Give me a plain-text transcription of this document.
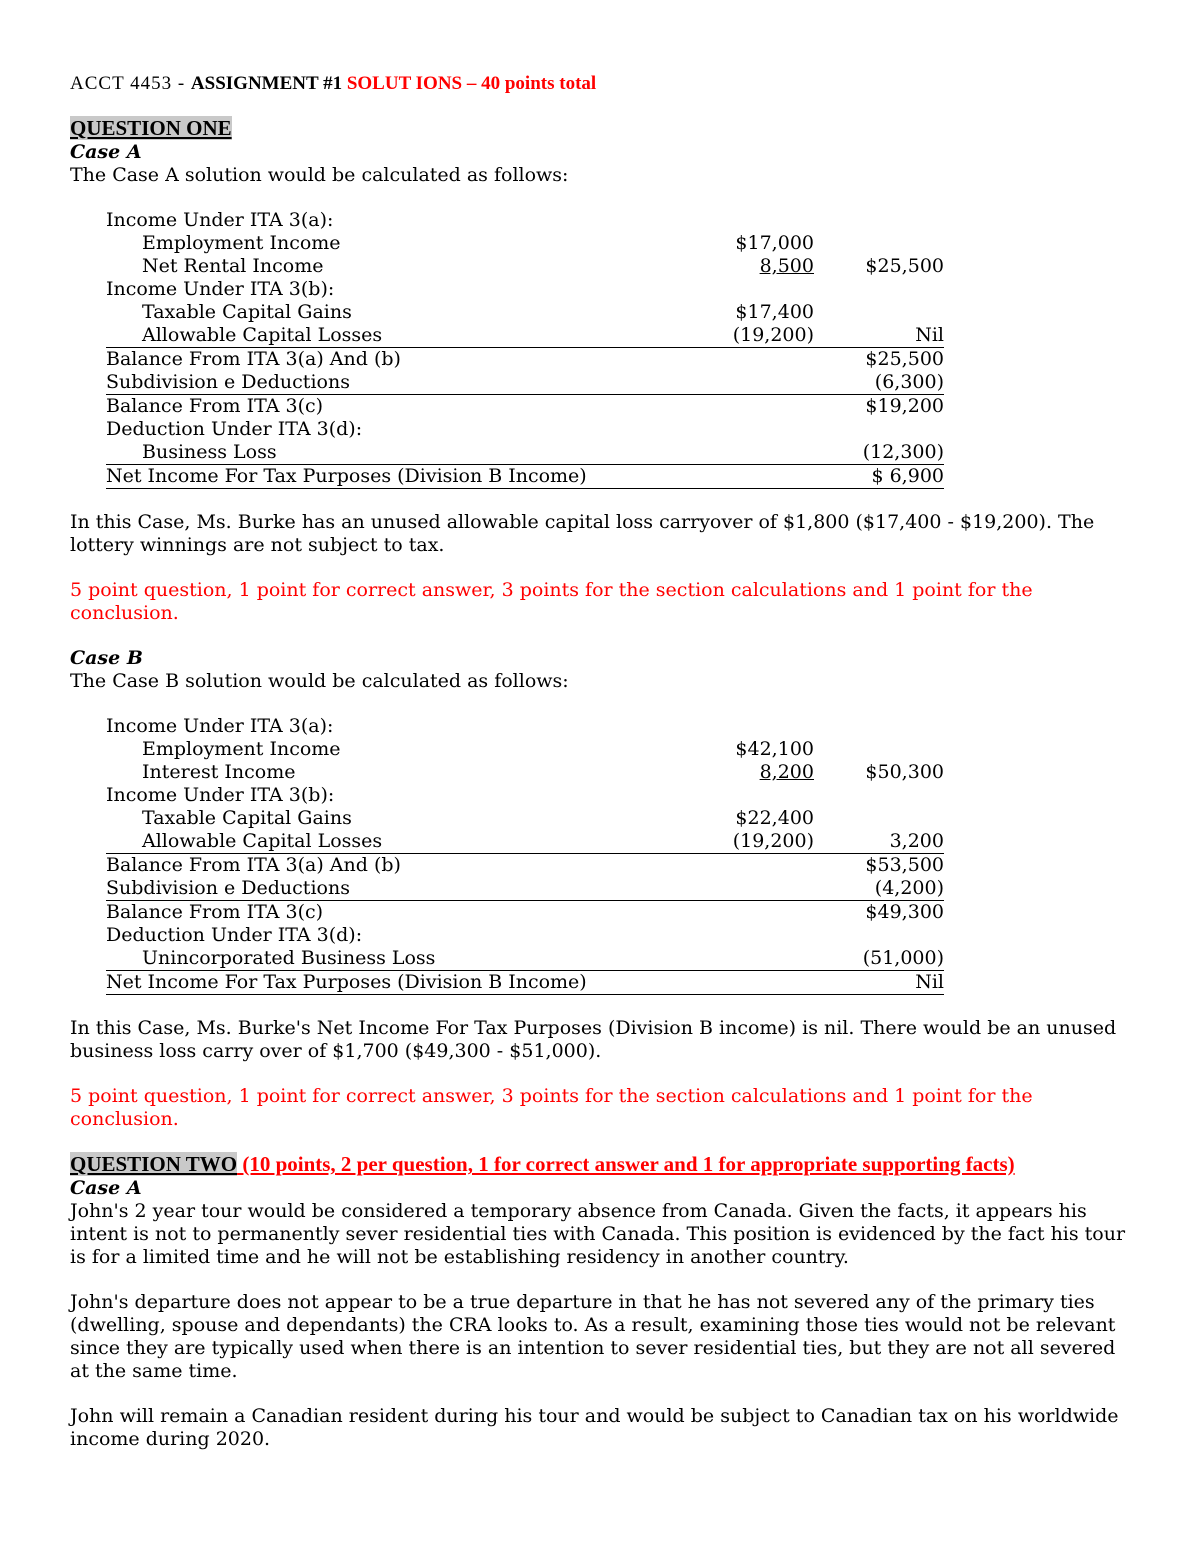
ACCT 4453 - ASSIGNMENT #1 SOLUT IONS – 40 points total

QUESTION ONE
Case A

The Case A solution would be calculated as follows:

Income Under ITA 3(a):		
Employment Income	$17,000	
Net Rental Income	8,500	$25,500
Income Under ITA 3(b):		
Taxable Capital Gains	$17,400	
Allowable Capital Losses	(19,200)	Nil
Balance From ITA 3(a) And (b)		$25,500
Subdivision e Deductions		(6,300)
Balance From ITA 3(c)		$19,200
Deduction Under ITA 3(d):		
Business Loss		(12,300)
Net Income For Tax Purposes (Division B Income)		$ 6,900

In this Case, Ms. Burke has an unused allowable capital loss carryover of $1,800 ($17,400 - $19,200). The lottery winnings are not subject to tax.

5 point question, 1 point for correct answer, 3 points for the section calculations and 1 point for the conclusion.

Case B

The Case B solution would be calculated as follows:

Income Under ITA 3(a):		
Employment Income	$42,100	
Interest Income	8,200	$50,300
Income Under ITA 3(b):		
Taxable Capital Gains	$22,400	
Allowable Capital Losses	(19,200)	3,200
Balance From ITA 3(a) And (b)		$53,500
Subdivision e Deductions		(4,200)
Balance From ITA 3(c)		$49,300
Deduction Under ITA 3(d):		
Unincorporated Business Loss		(51,000)
Net Income For Tax Purposes (Division B Income)		Nil

In this Case, Ms. Burke's Net Income For Tax Purposes (Division B income) is nil. There would be an unused business loss carry over of $1,700 ($49,300 - $51,000).

5 point question, 1 point for correct answer, 3 points for the section calculations and 1 point for the conclusion.

QUESTION TWO (10 points, 2 per question, 1 for correct answer and 1 for appropriate supporting facts)

Case A

John's 2 year tour would be considered a temporary absence from Canada. Given the facts, it appears his intent is not to permanently sever residential ties with Canada. This position is evidenced by the fact his tour is for a limited time and he will not be establishing residency in another country.

John's departure does not appear to be a true departure in that he has not severed any of the primary ties (dwelling, spouse and dependants) the CRA looks to. As a result, examining those ties would not be relevant since they are typically used when there is an intention to sever residential ties, but they are not all severed at the same time.

John will remain a Canadian resident during his tour and would be subject to Canadian tax on his worldwide income during 2020.
